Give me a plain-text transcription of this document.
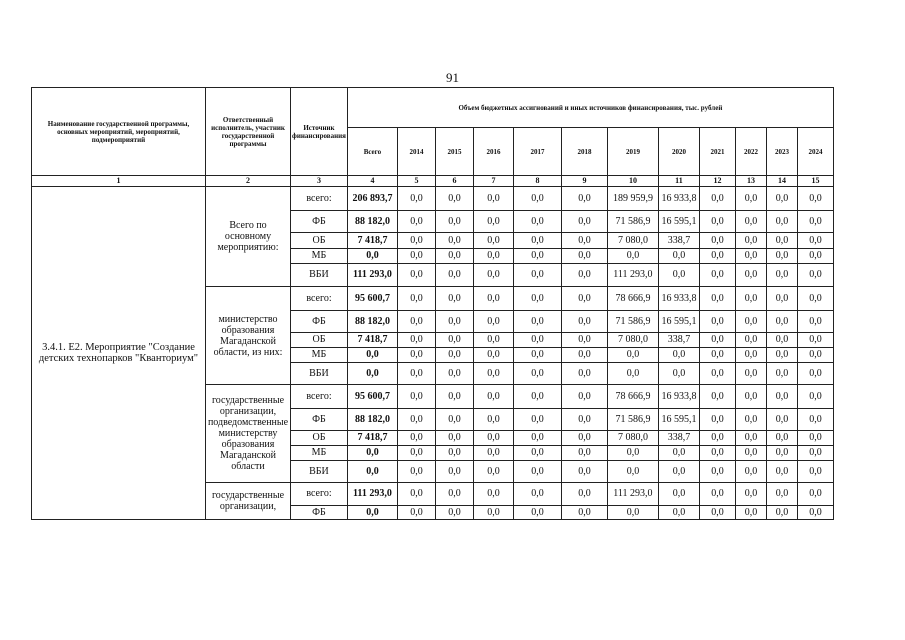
91
Наименование государственной программы, основных мероприятий, мероприятий, подмероприятий	Ответственный исполнитель, участник государственной программы	Источник финансирования	Объем бюджетных ассигнований и иных источников финансирования, тыс. рублей											
			Всего	2014	2015	2016	2017	2018	2019	2020	2021	2022	2023	2024
1	2	3	4	5	6	7	8	9	10	11	12	13	14	15
3.4.1. Е2. Мероприятие "Создание детских технопарков "Кванториум"	Всего по основному мероприятию:	всего:	206 893,7	0,0	0,0	0,0	0,0	0,0	189 959,9	16 933,8	0,0	0,0	0,0	0,0
		ФБ	88 182,0	0,0	0,0	0,0	0,0	0,0	71 586,9	16 595,1	0,0	0,0	0,0	0,0
		ОБ	7 418,7	0,0	0,0	0,0	0,0	0,0	7 080,0	338,7	0,0	0,0	0,0	0,0
		МБ	0,0	0,0	0,0	0,0	0,0	0,0	0,0	0,0	0,0	0,0	0,0	0,0
		ВБИ	111 293,0	0,0	0,0	0,0	0,0	0,0	111 293,0	0,0	0,0	0,0	0,0	0,0
	министерство образования Магаданской области, из них:	всего:	95 600,7	0,0	0,0	0,0	0,0	0,0	78 666,9	16 933,8	0,0	0,0	0,0	0,0
		ФБ	88 182,0	0,0	0,0	0,0	0,0	0,0	71 586,9	16 595,1	0,0	0,0	0,0	0,0
		ОБ	7 418,7	0,0	0,0	0,0	0,0	0,0	7 080,0	338,7	0,0	0,0	0,0	0,0
		МБ	0,0	0,0	0,0	0,0	0,0	0,0	0,0	0,0	0,0	0,0	0,0	0,0
		ВБИ	0,0	0,0	0,0	0,0	0,0	0,0	0,0	0,0	0,0	0,0	0,0	0,0
	государственные организации, подведомственные министерству образования Магаданской области	всего:	95 600,7	0,0	0,0	0,0	0,0	0,0	78 666,9	16 933,8	0,0	0,0	0,0	0,0
		ФБ	88 182,0	0,0	0,0	0,0	0,0	0,0	71 586,9	16 595,1	0,0	0,0	0,0	0,0
		ОБ	7 418,7	0,0	0,0	0,0	0,0	0,0	7 080,0	338,7	0,0	0,0	0,0	0,0
		МБ	0,0	0,0	0,0	0,0	0,0	0,0	0,0	0,0	0,0	0,0	0,0	0,0
		ВБИ	0,0	0,0	0,0	0,0	0,0	0,0	0,0	0,0	0,0	0,0	0,0	0,0
	государственные организации,	всего:	111 293,0	0,0	0,0	0,0	0,0	0,0	111 293,0	0,0	0,0	0,0	0,0	0,0
		ФБ	0,0	0,0	0,0	0,0	0,0	0,0	0,0	0,0	0,0	0,0	0,0	0,0
